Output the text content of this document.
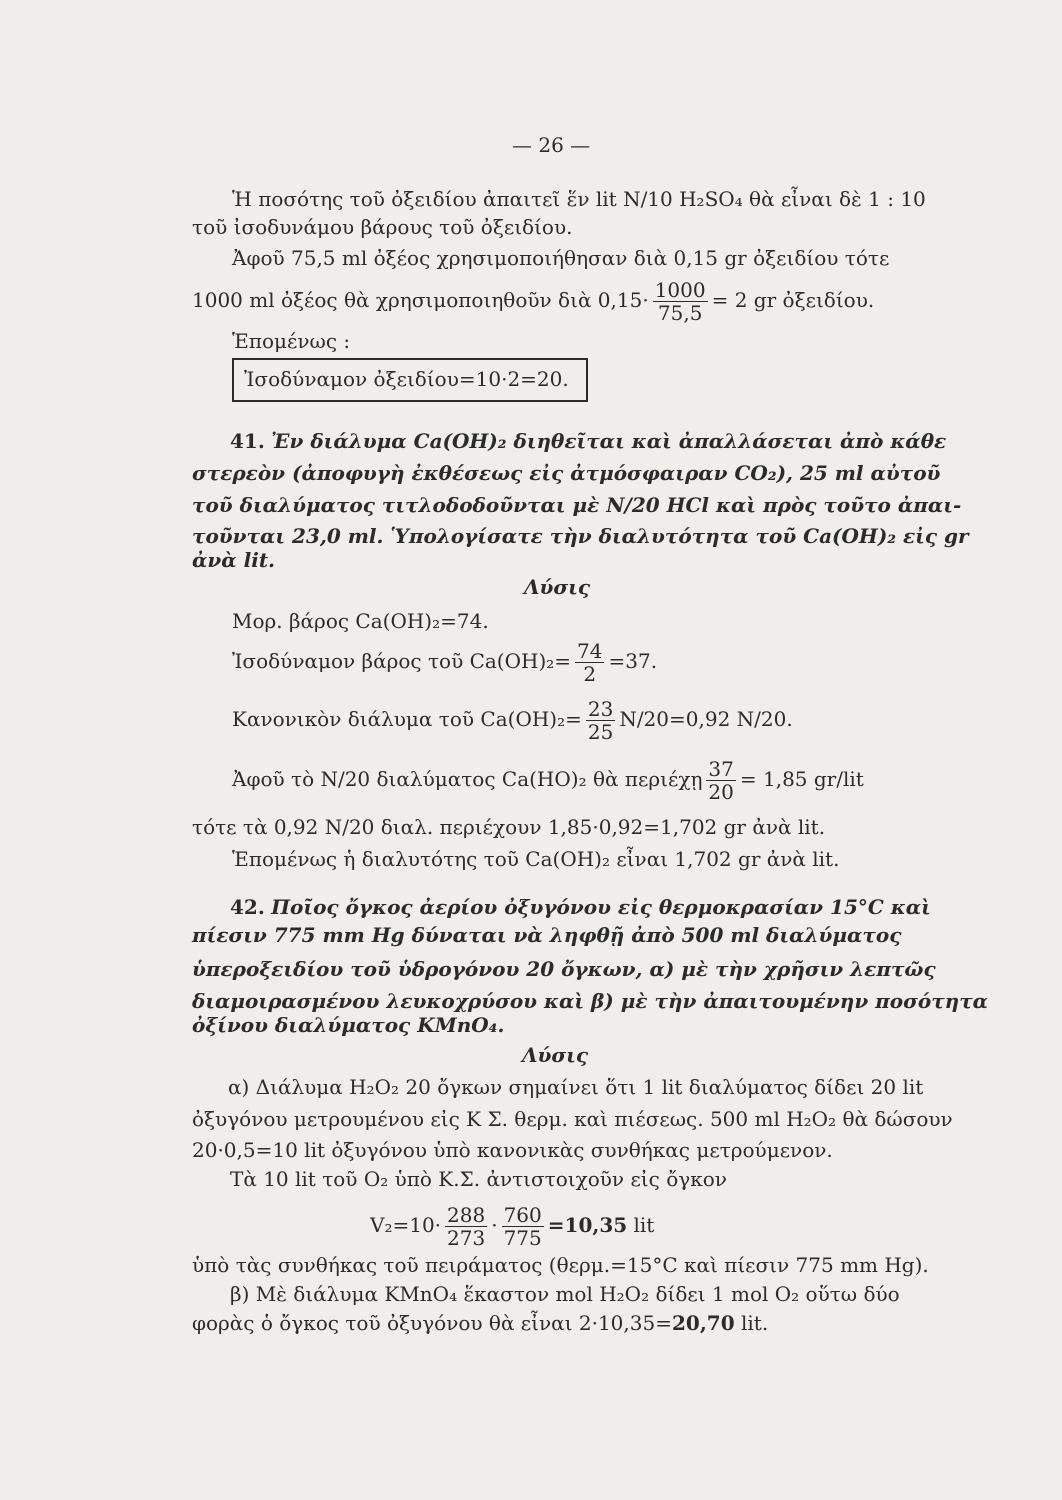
— 26 —
Ἡ ποσότης τοῦ ὀξειδίου ἀπαιτεῖ ἕν lit N/10 H₂SO₄ θὰ εἶναι δὲ 1 : 10
τοῦ ἰσοδυνάμου βάρους τοῦ ὀξειδίου.
Ἀφοῦ 75,5 ml ὀξέος χρησιμοποιήθησαν διὰ 0,15 gr ὀξειδίου τότε
1000 ml ὀξέος θὰ χρησιμοποιηθοῦν διὰ $0,15\cdot \frac{1000}{75,5} = 2$ gr ὀξειδίου.
Ἑπομένως :
Ἰσοδύναμον ὀξειδίου=10·2=20.
41. Ἐν διάλυμα Ca(OH)₂ διηθεῖται καὶ ἀπαλλάσεται ἀπὸ κάθε
στερεὸν (ἀποφυγὴ ἐκθέσεως εἰς ἀτμόσφαιραν CO₂), 25 ml αὐτοῦ
τοῦ διαλύματος τιτλοδοδοῦνται μὲ N/20 HCl καὶ πρὸς τοῦτο ἀπαι-
τοῦνται 23,0 ml. Ὑπολογίσατε τὴν διαλυτότητα τοῦ Ca(OH)₂ εἰς gr
ἀνὰ lit.
Λύσις
Μορ. βάρος Ca(OH)₂=74.
Ἰσοδύναμον βάρος τοῦ $Ca(OH)_2= \frac{74}{2} =37$.
Κανονικὸν διάλυμα τοῦ $Ca(OH)_2= \frac{23}{25} N/20=0,92$ N/20.
Ἀφοῦ τὸ N/20 διαλύματος Ca(HO)₂ θὰ περιέχῃ $\frac{37}{20} = 1,85$ gr/lit
τότε τὰ 0,92 N/20 διαλ. περιέχουν 1,85·0,92=1,702 gr ἀνὰ lit.
Ἑπομένως ἡ διαλυτότης τοῦ Ca(OH)₂ εἶναι 1,702 gr ἀνὰ lit.
42. Ποῖος ὄγκος ἀερίου ὀξυγόνου εἰς θερμοκρασίαν 15°C καὶ
πίεσιν 775 mm Hg δύναται νὰ ληφθῇ ἀπὸ 500 ml διαλύματος
ὑπεροξειδίου τοῦ ὑδρογόνου 20 ὄγκων, α) μὲ τὴν χρῆσιν λεπτῶς
διαμοιρασμένου λευκοχρύσου καὶ β) μὲ τὴν ἀπαιτουμένην ποσότητα
ὀξίνου διαλύματος KMnO₄.
Λύσις
α) Διάλυμα H₂O₂ 20 ὄγκων σημαίνει ὅτι 1 lit διαλύματος δίδει 20 lit
ὀξυγόνου μετρουμένου εἰς Κ Σ. θερμ. καὶ πιέσεως. 500 ml H₂O₂ θὰ δώσουν
20·0,5=10 lit ὀξυγόνου ὑπὸ κανονικὰς συνθήκας μετρούμενον.
Τὰ 10 lit τοῦ O₂ ὑπὸ Κ.Σ. ἀντιστοιχοῦν εἰς ὄγκον
$V_2=10\cdot \frac{288}{273} \cdot \frac{760}{775} =10,35$ lit
ὑπὸ τὰς συνθήκας τοῦ πειράματος (θερμ.=15°C καὶ πίεσιν 775 mm Hg).
β) Μὲ διάλυμα KMnO₄ ἕκαστον mol H₂O₂ δίδει 1 mol O₂ οὕτω δύο
φορὰς ὁ ὄγκος τοῦ ὀξυγόνου θὰ εἶναι 2·10,35=20,70 lit.
